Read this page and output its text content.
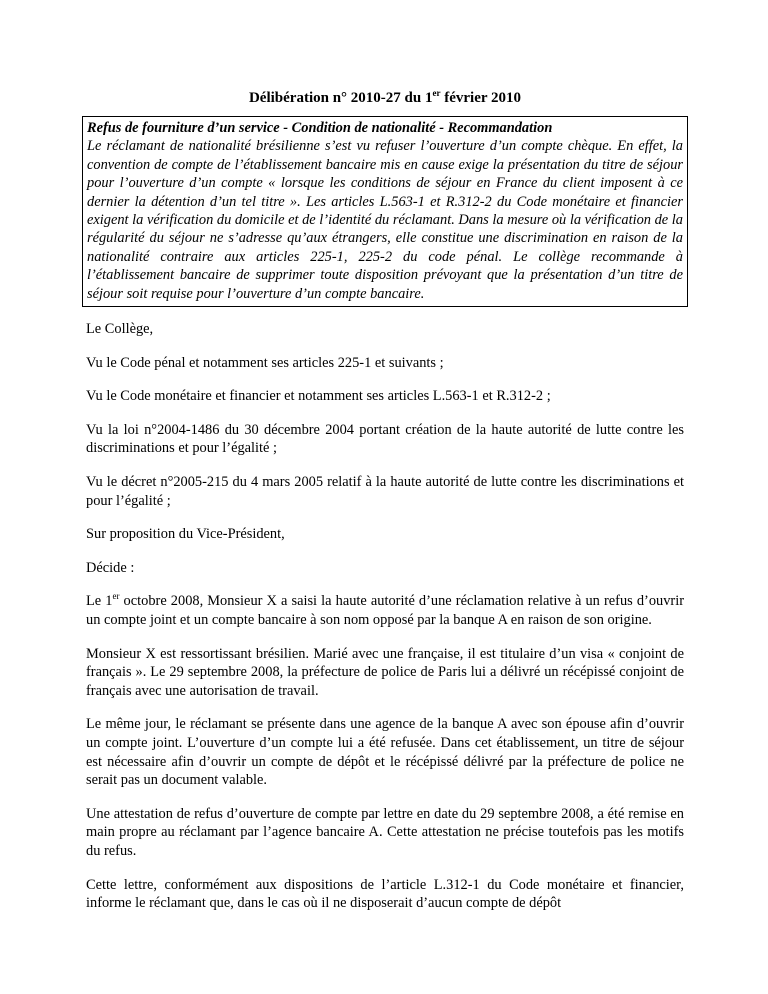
Délibération n° 2010-27 du 1er février 2010

Refus de fourniture d’un service - Condition de nationalité - Recommandation
Le réclamant de nationalité brésilienne s’est vu refuser l’ouverture d’un compte chèque. En effet, la convention de compte de l’établissement bancaire mis en cause exige la présentation du titre de séjour pour l’ouverture d’un compte « lorsque les conditions de séjour en France du client imposent à ce dernier la détention d’un tel titre ». Les articles L.563-1 et R.312-2 du Code monétaire et financier exigent la vérification du domicile et de l’identité du réclamant. Dans la mesure où la vérification de la régularité du séjour ne s’adresse qu’aux étrangers, elle constitue une discrimination en raison de la nationalité contraire aux articles 225-1, 225-2 du code pénal. Le collège recommande à l’établissement bancaire de supprimer toute disposition prévoyant que la présentation d’un titre de séjour soit requise pour l’ouverture d’un compte bancaire.

Le Collège,

Vu le Code pénal et notamment ses articles 225-1 et suivants ;

Vu le Code monétaire et financier et notamment ses articles L.563-1 et R.312-2 ;

Vu la loi n°2004-1486 du 30 décembre 2004 portant création de la haute autorité de lutte contre les discriminations et pour l’égalité ;

Vu le décret n°2005-215 du 4 mars 2005 relatif à la haute autorité de lutte contre les discriminations et pour l’égalité ;

Sur proposition du Vice-Président,

Décide :

Le 1er octobre 2008, Monsieur X a saisi la haute autorité d’une réclamation relative à un refus d’ouvrir un compte joint et un compte bancaire à son nom opposé par la banque A en raison de son origine.

Monsieur X est ressortissant brésilien. Marié avec une française, il est titulaire d’un visa « conjoint de français ». Le 29 septembre 2008, la préfecture de police de Paris lui a délivré un récépissé conjoint de français avec une autorisation de travail.

Le même jour, le réclamant se présente dans une agence de la banque A avec son épouse afin d’ouvrir un compte joint. L’ouverture d’un compte lui a été refusée. Dans cet établissement, un titre de séjour est nécessaire afin d’ouvrir un compte de dépôt et le récépissé délivré par la préfecture de police ne serait pas un document valable.

Une attestation de refus d’ouverture de compte par lettre en date du 29 septembre 2008, a été remise en main propre au réclamant par l’agence bancaire A. Cette attestation ne précise toutefois pas les motifs du refus.

Cette lettre, conformément aux dispositions de l’article L.312-1 du Code monétaire et financier, informe le réclamant que, dans le cas où il ne disposerait d’aucun compte de dépôt
